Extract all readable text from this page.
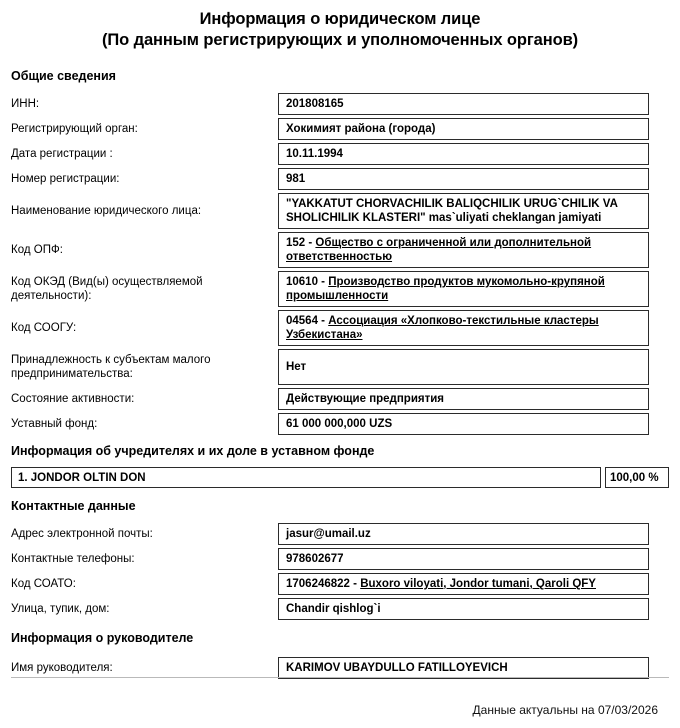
Информация о юридическом лице
(По данным регистрирующих и уполномоченных органов)
Общие сведения
ИНН:	201808165
Регистрирующий орган:	Хокимият района (города)
Дата регистрации :	10.11.1994
Номер регистрации:	981
Наименование юридического лица:
"YAKKATUT CHORVACHILIK BALIQCHILIK URUG`CHILIK VA SHOLICHILIK KLASTERI" mas`uliyati cheklangan jamiyati
Код ОПФ:
152 - Общество с ограниченной или дополнительной ответственностью
Код ОКЭД (Вид(ы) осуществляемой
деятельности):
10610 - Производство продуктов мукомольно-крупяной промышленности
Код СООГУ:
04564 - Ассоциация «Хлопково-текстильные кластеры Узбекистана»
Принадлежность к субъектам малого
предпринимательства:
Нет
Состояние активности:	Действующие предприятия
Уставный фонд:	61 000 000,000 UZS
Информация об учредителях и их доле в уставном фонде
1. JONDOR OLTIN DON	100,00 %
Контактные данные
Адрес электронной почты:	jasur@umail.uz
Контактные телефоны:	978602677
Код СОАТО:	1706246822 - Buxoro viloyati, Jondor tumani, Qaroli QFY
Улица, тупик, дом:	Chandir qishlog`i
Информация о руководителе
Имя руководителя:	KARIMOV UBAYDULLO FATILLOYEVICH
Данные актуальны на 07/03/2026
